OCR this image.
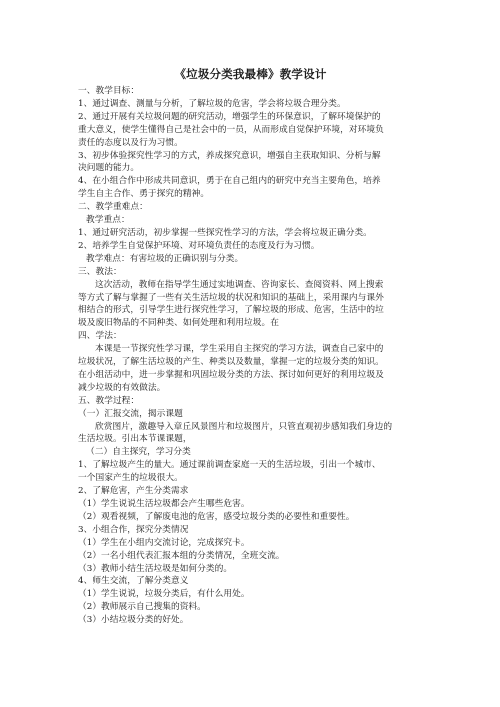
《垃圾分类我最棒》教学设计

一、教学目标：

1、通过调查、测量与分析，了解垃圾的危害，学会将垃圾合理分类。

2、通过开展有关垃圾问题的研究活动，增强学生的环保意识，了解环境保护的

重大意义，使学生懂得自己是社会中的一员，从而形成自觉保护环境，对环境负

责任的态度以及行为习惯。

3、初步体验探究性学习的方式，养成探究意识，增强自主获取知识、分析与解

决问题的能力。

4、在小组合作中形成共同意识，勇于在自己组内的研究中充当主要角色，培养

学生自主合作、勇于探究的精神。

二、教学重难点：

教学重点：

1、通过研究活动，初步掌握一些探究性学习的方法，学会将垃圾正确分类。

2、培养学生自觉保护环境、对环境负责任的态度及行为习惯。

教学难点：有害垃圾的正确识别与分类。

三、教法：

这次活动，教师在指导学生通过实地调查、咨询家长、查阅资料、网上搜索

等方式了解与掌握了一些有关生活垃圾的状况和知识的基础上，采用课内与课外

相结合的形式，引导学生进行探究性学习，了解垃圾的形成、危害，生活中的垃

圾及废旧物品的不同种类、如何处理和利用垃圾。在

四、学法：

本课是一节探究性学习课，学生采用自主探究的学习方法，调查自己家中的

垃圾状况，了解生活垃圾的产生、种类以及数量，掌握一定的垃圾分类的知识。

在小组活动中，进一步掌握和巩固垃圾分类的方法、探讨如何更好的利用垃圾及

减少垃圾的有效做法。

五、教学过程：

（一）汇报交流，揭示课题

欣赏图片，激趣导入章丘风景图片和垃圾图片，只管直观初步感知我们身边的

生活垃圾。引出本节课课题，

（二）自主探究，学习分类

1、了解垃圾产生的量大。通过课前调查家庭一天的生活垃圾，引出一个城市、

一个国家产生的垃圾很大。

2、了解危害，产生分类需求

（1）学生说说生活垃圾都会产生哪些危害。

（2）观看视频，了解废电池的危害，感受垃圾分类的必要性和重要性。

3、小组合作，探究分类情况

（1）学生在小组内交流讨论，完成探究卡。

（2）一名小组代表汇报本组的分类情况，全班交流。

（3）教师小结生活垃圾是如何分类的。

4、师生交流，了解分类意义

（1）学生说说，垃圾分类后，有什么用处。

（2）教师展示自己搜集的资料。

（3）小结垃圾分类的好处。
